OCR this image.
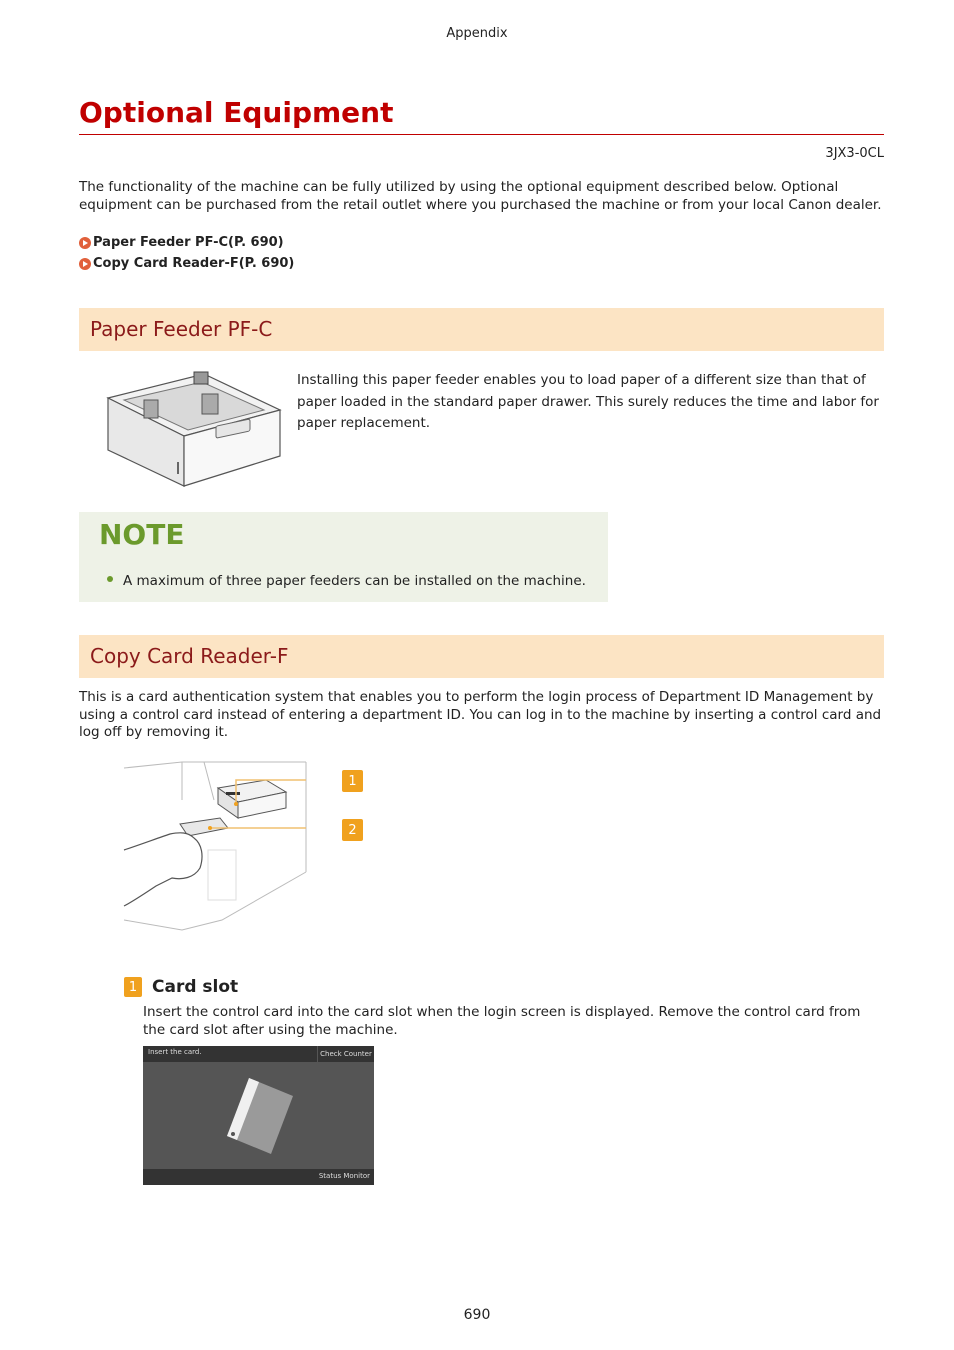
Appendix
Optional Equipment
3JX3-0CL

The functionality of the machine can be fully utilized by using the optional equipment described below. Optional equipment can be purchased from the retail outlet where you purchased the machine or from your local Canon dealer.

Paper Feeder PF-C(P. 690)
Copy Card Reader-F(P. 690)
Paper Feeder PF-C

Installing this paper feeder enables you to load paper of a different size than that of paper loaded in the standard paper drawer. This surely reduces the time and labor for paper replacement.

NOTE
A maximum of three paper feeders can be installed on the machine.
Copy Card Reader-F

This is a card authentication system that enables you to perform the login process of Department ID Management by using a control card instead of entering a department ID. You can log in to the machine by inserting a control card and log off by removing it.

1
2
1 Card slot

Insert the control card into the card slot when the login screen is displayed. Remove the control card from the card slot after using the machine.

Insert the card.	Check Counter
Status Monitor
690
